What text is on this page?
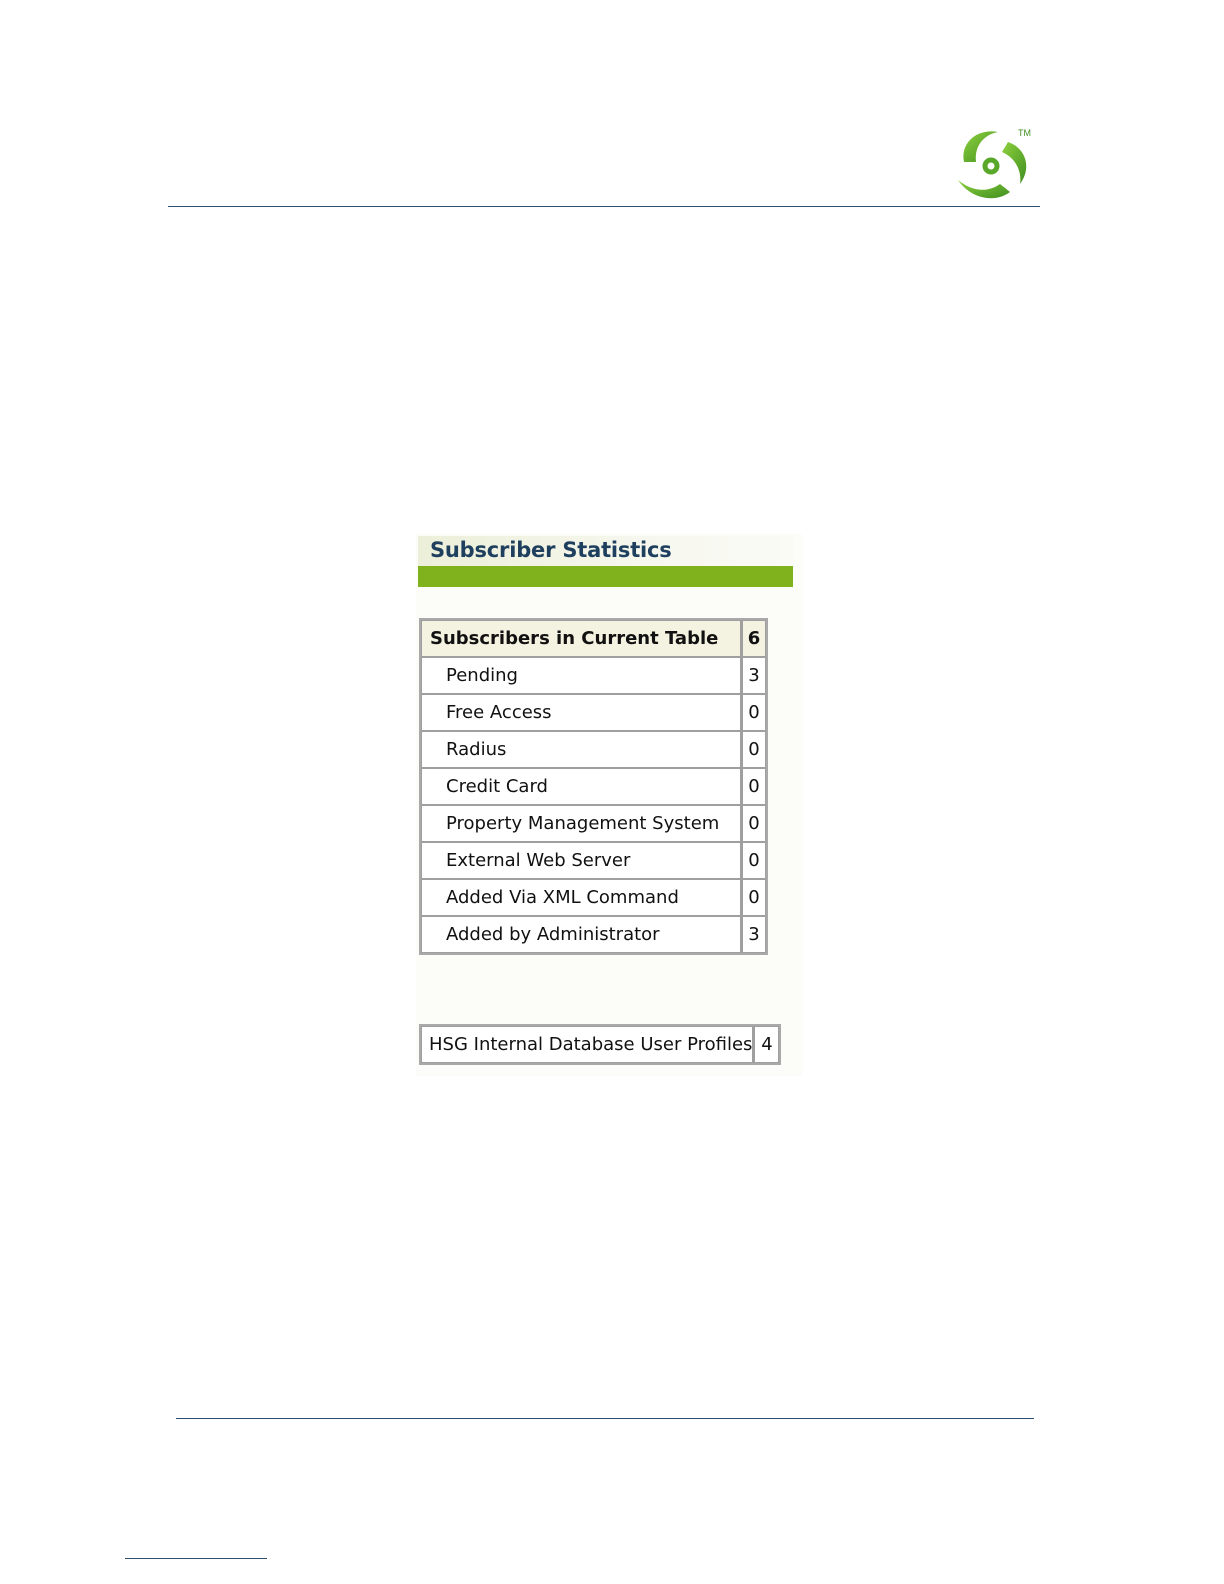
TM
Subscriber Statistics
Subscribers in Current Table	6
Pending	3
Free Access	0
Radius	0
Credit Card	0
Property Management System	0
External Web Server	0
Added Via XML Command	0
Added by Administrator	3
HSG Internal Database User Profiles	4
